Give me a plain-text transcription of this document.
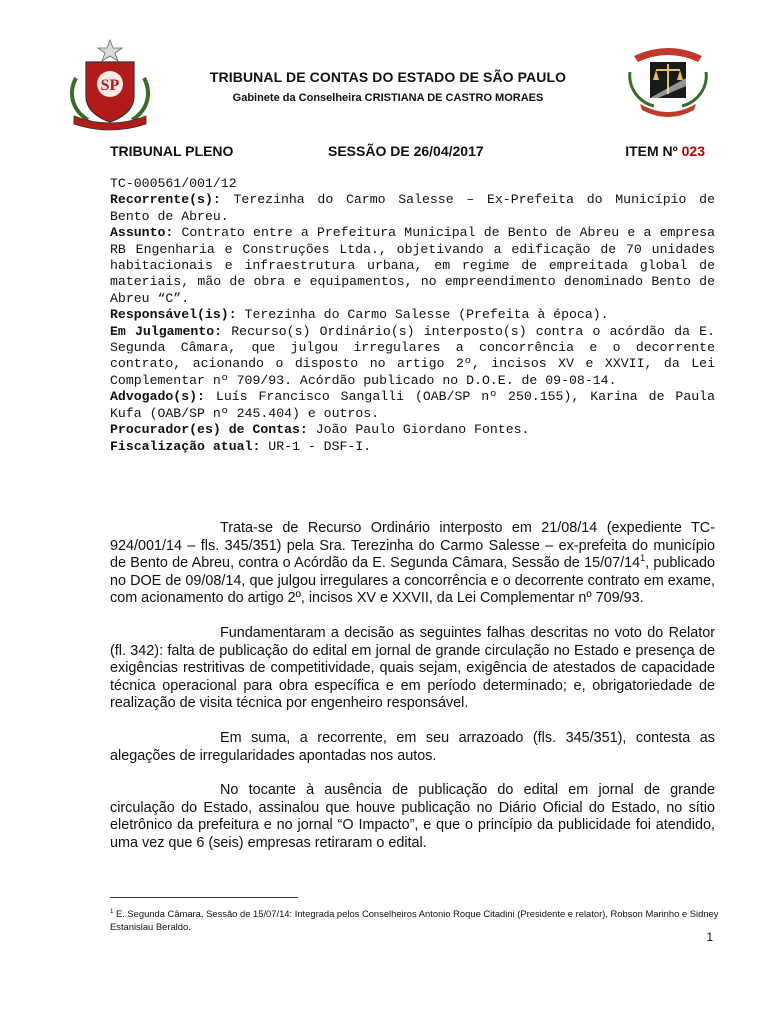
SP	TRIBUNAL DE CONTAS DO ESTADO DE SÃO PAULO
Gabinete da Conselheira CRISTIANA DE CASTRO MORAES
TRIBUNAL PLENO	SESSÃO DE 26/04/2017	ITEM Nº 023

TC-000561/001/12

Recorrente(s): Terezinha do Carmo Salesse – Ex-Prefeita do Município de Bento de Abreu.

Assunto: Contrato entre a Prefeitura Municipal de Bento de Abreu e a empresa RB Engenharia e Construções Ltda., objetivando a edificação de 70 unidades habitacionais e infraestrutura urbana, em regime de empreitada global de materiais, mão de obra e equipamentos, no empreendimento denominado Bento de Abreu “C”.

Responsável(is): Terezinha do Carmo Salesse (Prefeita à época).

Em Julgamento: Recurso(s) Ordinário(s) interposto(s) contra o acórdão da E. Segunda Câmara, que julgou irregulares a concorrência e o decorrente contrato, acionando o disposto no artigo 2º, incisos XV e XXVII, da Lei Complementar nº 709/93. Acórdão publicado no D.O.E. de 09-08-14.

Advogado(s): Luís Francisco Sangalli (OAB/SP nº 250.155), Karina de Paula Kufa (OAB/SP nº 245.404) e outros.

Procurador(es) de Contas: João Paulo Giordano Fontes.

Fiscalização atual: UR-1 - DSF-I.

Trata-se de Recurso Ordinário interposto em 21/08/14 (expediente TC-924/001/14 – fls. 345/351) pela Sra. Terezinha do Carmo Salesse – ex-prefeita do município de Bento de Abreu, contra o Acórdão da E. Segunda Câmara, Sessão de $15/07/14^1$, publicado no DOE de 09/08/14, que julgou irregulares a concorrência e o decorrente contrato em exame, com acionamento do artigo 2º, incisos XV e XXVII, da Lei Complementar nº 709/93.

Fundamentaram a decisão as seguintes falhas descritas no voto do Relator (fl. 342): falta de publicação do edital em jornal de grande circulação no Estado e presença de exigências restritivas de competitividade, quais sejam, exigência de atestados de capacidade técnica operacional para obra específica e em período determinado; e, obrigatoriedade de realização de visita técnica por engenheiro responsável.

Em suma, a recorrente, em seu arrazoado (fls. 345/351), contesta as alegações de irregularidades apontadas nos autos.

No tocante à ausência de publicação do edital em jornal de grande circulação do Estado, assinalou que houve publicação no Diário Oficial do Estado, no sítio eletrônico da prefeitura e no jornal “O Impacto”, e que o princípio da publicidade foi atendido, uma vez que 6 (seis) empresas retiraram o edital.

$^1$ E. Segunda Câmara, Sessão de 15/07/14: Integrada pelos Conselheiros Antonio Roque Citadini (Presidente e relator), Robson Marinho e Sidney Estanislau Beraldo.
1
